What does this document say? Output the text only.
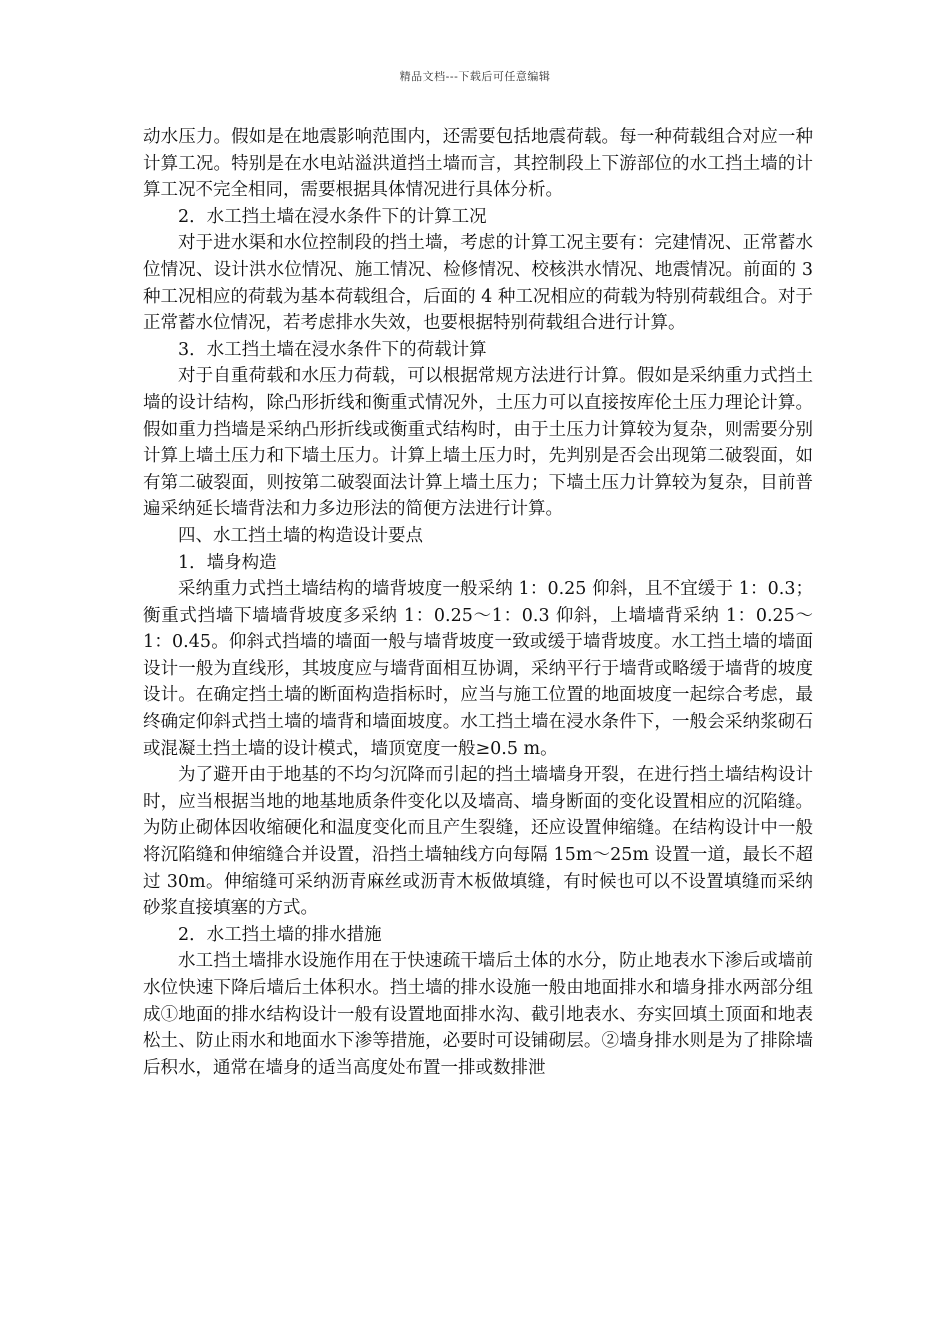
精品文档---下载后可任意编辑

动水压力。假如是在地震影响范围内，还需要包括地震荷载。每一种荷载组合对应一种计算工况。特别是在水电站溢洪道挡土墙而言，其控制段上下游部位的水工挡土墙的计算工况不完全相同，需要根据具体情况进行具体分析。

2．水工挡土墙在浸水条件下的计算工况

对于进水渠和水位控制段的挡土墙，考虑的计算工况主要有：完建情况、正常蓄水位情况、设计洪水位情况、施工情况、检修情况、校核洪水情况、地震情况。前面的 3 种工况相应的荷载为基本荷载组合，后面的 4 种工况相应的荷载为特别荷载组合。对于正常蓄水位情况，若考虑排水失效，也要根据特别荷载组合进行计算。

3．水工挡土墙在浸水条件下的荷载计算

对于自重荷载和水压力荷载，可以根据常规方法进行计算。假如是采纳重力式挡土墙的设计结构，除凸形折线和衡重式情况外，土压力可以直接按库伦土压力理论计算。假如重力挡墙是采纳凸形折线或衡重式结构时，由于土压力计算较为复杂，则需要分别计算上墙土压力和下墙土压力。计算上墙土压力时，先判别是否会出现第二破裂面，如有第二破裂面，则按第二破裂面法计算上墙土压力；下墙土压力计算较为复杂，目前普遍采纳延长墙背法和力多边形法的简便方法进行计算。

四、水工挡土墙的构造设计要点

1．墙身构造

采纳重力式挡土墙结构的墙背坡度一般采纳 1：0.25 仰斜，且不宜缓于 1：0.3；衡重式挡墙下墙墙背坡度多采纳 1：0.25～1：0.3 仰斜，上墙墙背采纳 1：0.25～1：0.45。仰斜式挡墙的墙面一般与墙背坡度一致或缓于墙背坡度。水工挡土墙的墙面设计一般为直线形，其坡度应与墙背面相互协调，采纳平行于墙背或略缓于墙背的坡度设计。在确定挡土墙的断面构造指标时，应当与施工位置的地面坡度一起综合考虑，最终确定仰斜式挡土墙的墙背和墙面坡度。水工挡土墙在浸水条件下，一般会采纳浆砌石或混凝土挡土墙的设计模式，墙顶宽度一般≥0.5 m。

为了避开由于地基的不均匀沉降而引起的挡土墙墙身开裂，在进行挡土墙结构设计时，应当根据当地的地基地质条件变化以及墙高、墙身断面的变化设置相应的沉陷缝。为防止砌体因收缩硬化和温度变化而且产生裂缝，还应设置伸缩缝。在结构设计中一般将沉陷缝和伸缩缝合并设置，沿挡土墙轴线方向每隔 15m～25m 设置一道，最长不超过 30m。伸缩缝可采纳沥青麻丝或沥青木板做填缝，有时候也可以不设置填缝而采纳砂浆直接填塞的方式。

2．水工挡土墙的排水措施

水工挡土墙排水设施作用在于快速疏干墙后土体的水分，防止地表水下渗后或墙前水位快速下降后墙后土体积水。挡土墙的排水设施一般由地面排水和墙身排水两部分组成①地面的排水结构设计一般有设置地面排水沟、截引地表水、夯实回填土顶面和地表松土、防止雨水和地面水下渗等措施，必要时可设铺砌层。②墙身排水则是为了排除墙后积水，通常在墙身的适当高度处布置一排或数排泄
